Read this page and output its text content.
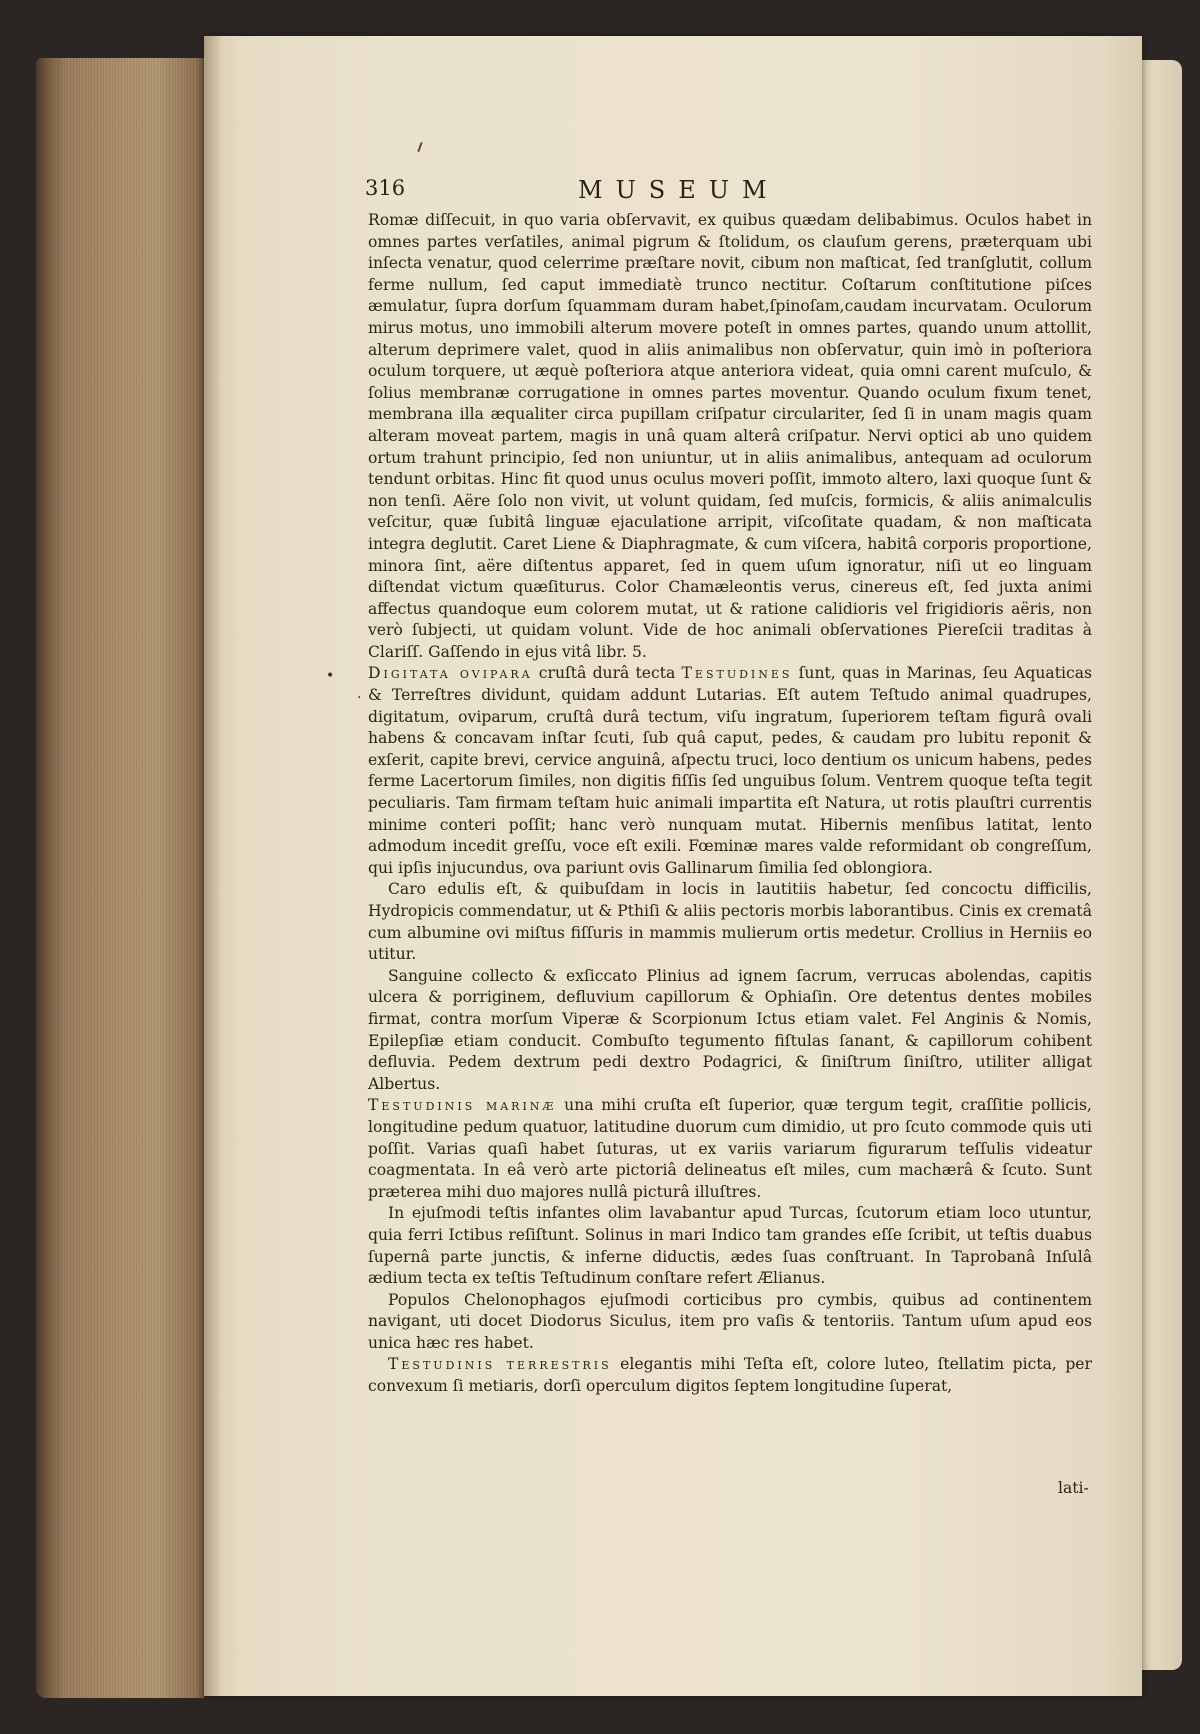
316	MUSEUM

Romæ diſſecuit, in quo varia obſervavit, ex quibus quædam delibabimus. Oculos habet in omnes partes verſatiles, animal pigrum & ſtolidum, os clauſum gerens, præterquam ubi inſecta venatur, quod celerrime præſtare novit, cibum non maſticat, ſed tranſglutit, collum ferme nullum, ſed caput immediatè trunco nectitur. Coſtarum conſtitutione piſces æmulatur, ſupra dorſum ſquammam duram habet,ſpinoſam,caudam incurvatam. Oculorum mirus motus, uno immobili alterum movere poteſt in omnes partes, quando unum attollit, alterum deprimere valet, quod in aliis animalibus non obſervatur, quin imò in poſteriora oculum torquere, ut æquè poſteriora atque anteriora videat, quia omni carent muſculo, & ſolius membranæ corrugatione in omnes partes moventur. Quando oculum fixum tenet, membrana illa æqualiter circa pupillam criſpatur circulariter, ſed ſi in unam magis quam alteram moveat partem, magis in unâ quam alterâ criſpatur. Nervi optici ab uno quidem ortum trahunt principio, ſed non uniuntur, ut in aliis animalibus, antequam ad oculorum tendunt orbitas. Hinc fit quod unus oculus moveri poſſit, immoto altero, laxi quoque ſunt & non tenſi. Aëre ſolo non vivit, ut volunt quidam, ſed muſcis, formicis, & aliis animalculis veſcitur, quæ ſubitâ linguæ ejaculatione arripit, viſcoſitate quadam, & non maſticata integra deglutit. Caret Liene & Diaphragmate, & cum viſcera, habitâ corporis proportione, minora ſint, aëre diſtentus apparet, ſed in quem uſum ignoratur, niſi ut eo linguam diſtendat victum quæſiturus. Color Chamæleontis verus, cinereus eſt, ſed juxta animi affectus quandoque eum colorem mutat, ut & ratione calidioris vel frigidioris aëris, non verò ſubjecti, ut quidam volunt. Vide de hoc animali obſervationes Piereſcii traditas à Clariſſ. Gaſſendo in ejus vitâ libr. 5.

Digitata ovipara cruſtâ durâ tecta Testudines ſunt, quas in Marinas, ſeu Aquaticas & Terreſtres dividunt, quidam addunt Lutarias. Eſt autem Teſtudo animal quadrupes, digitatum, oviparum, cruſtâ durâ tectum, viſu ingratum, ſuperiorem teſtam figurâ ovali habens & concavam inſtar ſcuti, ſub quâ caput, pedes, & caudam pro lubitu reponit & exſerit, capite brevi, cervice anguinâ, aſpectu truci, loco dentium os unicum habens, pedes ferme Lacertorum ſimiles, non digitis fiſſis ſed unguibus ſolum. Ventrem quoque teſta tegit peculiaris. Tam firmam teſtam huic animali impartita eſt Natura, ut rotis plauſtri currentis minime conteri poſſit; hanc verò nunquam mutat. Hibernis menſibus latitat, lento admodum incedit greſſu, voce eſt exili. Fœminæ mares valde reformidant ob congreſſum, qui ipſis injucundus, ova pariunt ovis Gallinarum ſimilia ſed oblongiora.

Caro edulis eſt, & quibuſdam in locis in lautitiis habetur, ſed concoctu difficilis, Hydropicis commendatur, ut & Pthiſi & aliis pectoris morbis laborantibus. Cinis ex crematâ cum albumine ovi miſtus fiſſuris in mammis mulierum ortis medetur. Crollius in Herniis eo utitur.

Sanguine collecto & exſiccato Plinius ad ignem ſacrum, verrucas abolendas, capitis ulcera & porriginem, defluvium capillorum & Ophiaſin. Ore detentus dentes mobiles firmat, contra morſum Viperæ & Scorpionum Ictus etiam valet. Fel Anginis & Nomis, Epilepſiæ etiam conducit. Combuſto tegumento fiſtulas ſanant, & capillorum cohibent defluvia. Pedem dextrum pedi dextro Podagrici, & ſiniſtrum ſiniſtro, utiliter alligat Albertus.

Testudinis marinæ una mihi cruſta eſt ſuperior, quæ tergum tegit, craſſitie pollicis, longitudine pedum quatuor, latitudine duorum cum dimidio, ut pro ſcuto commode quis uti poſſit. Varias quaſi habet ſuturas, ut ex variis variarum figurarum teſſulis videatur coagmentata. In eâ verò arte pictoriâ delineatus eſt miles, cum machærâ & ſcuto. Sunt præterea mihi duo majores nullâ picturâ illuſtres.

In ejuſmodi teſtis infantes olim lavabantur apud Turcas, ſcutorum etiam loco utuntur, quia ferri Ictibus reſiſtunt. Solinus in mari Indico tam grandes eſſe ſcribit, ut teſtis duabus ſupernâ parte junctis, & inferne diductis, ædes ſuas conſtruant. In Taprobanâ Inſulâ ædium tecta ex teſtis Teſtudinum conſtare refert Ælianus.

Populos Chelonophagos ejuſmodi corticibus pro cymbis, quibus ad continentem navigant, uti docet Diodorus Siculus, item pro vaſis & tentoriis. Tantum uſum apud eos unica hæc res habet.

Testudinis terrestris elegantis mihi Teſta eſt, colore luteo, ſtellatim picta, per convexum ſi metiaris, dorſi operculum digitos ſeptem longitudine ſuperat,

lati-
•
·
